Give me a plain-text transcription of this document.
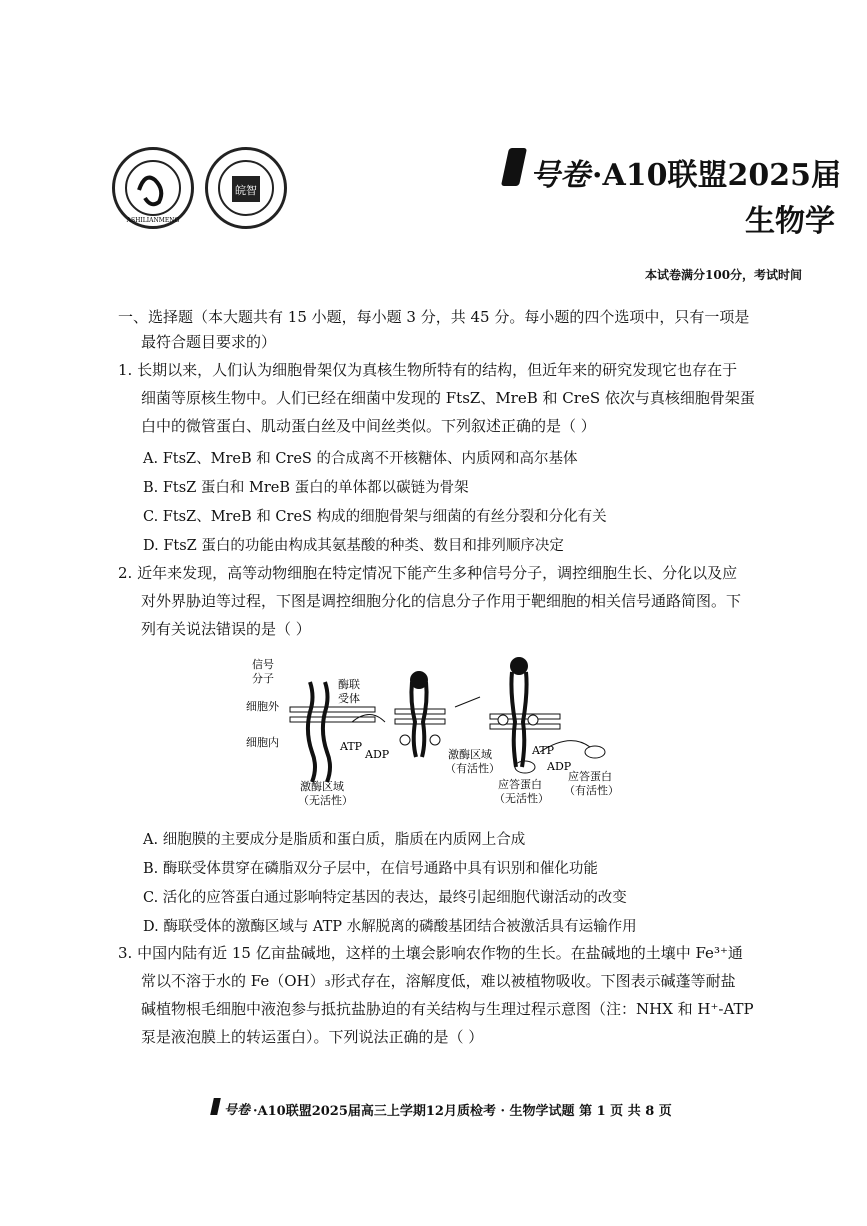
ASHILIANMENG
皖智	号卷 ·A10联盟2025届
生物学
本试卷满分100分，考试时间
一、选择题（本大题共有 15 小题，每小题 3 分，共 45 分。每小题的四个选项中，只有一项是
最符合题目要求的）
1. 长期以来，人们认为细胞骨架仅为真核生物所特有的结构，但近年来的研究发现它也存在于
细菌等原核生物中。人们已经在细菌中发现的 FtsZ、MreB 和 CreS 依次与真核细胞骨架蛋
白中的微管蛋白、肌动蛋白丝及中间丝类似。下列叙述正确的是（ ）
A. FtsZ、MreB 和 CreS 的合成离不开核糖体、内质网和高尔基体
B. FtsZ 蛋白和 MreB 蛋白的单体都以碳链为骨架
C. FtsZ、MreB 和 CreS 构成的细胞骨架与细菌的有丝分裂和分化有关
D. FtsZ 蛋白的功能由构成其氨基酸的种类、数目和排列顺序决定
2. 近年来发现，高等动物细胞在特定情况下能产生多种信号分子，调控细胞生长、分化以及应
对外界胁迫等过程，下图是调控细胞分化的信息分子作用于靶细胞的相关信号通路简图。下
列有关说法错误的是（ ）
信号
分子	酶联
受体
细胞外
细胞内	ATP
ADP
激酶区域
（无活性）
激酶区域
（有活性）
ATP
ADP
应答蛋白
（无活性）
应答蛋白
（有活性）
A. 细胞膜的主要成分是脂质和蛋白质，脂质在内质网上合成
B. 酶联受体贯穿在磷脂双分子层中，在信号通路中具有识别和催化功能
C. 活化的应答蛋白通过影响特定基因的表达，最终引起细胞代谢活动的改变
D. 酶联受体的激酶区域与 ATP 水解脱离的磷酸基团结合被激活具有运输作用
3. 中国内陆有近 15 亿亩盐碱地，这样的土壤会影响农作物的生长。在盐碱地的土壤中 Fe³⁺通
常以不溶于水的 Fe（OH）₃形式存在，溶解度低，难以被植物吸收。下图表示碱蓬等耐盐
碱植物根毛细胞中液泡参与抵抗盐胁迫的有关结构与生理过程示意图（注：NHX 和 H⁺-ATP
泵是液泡膜上的转运蛋白）。下列说法正确的是（ ）
号卷 ·A10联盟2025届高三上学期12月质检考 · 生物学试题 第 1 页 共 8 页
